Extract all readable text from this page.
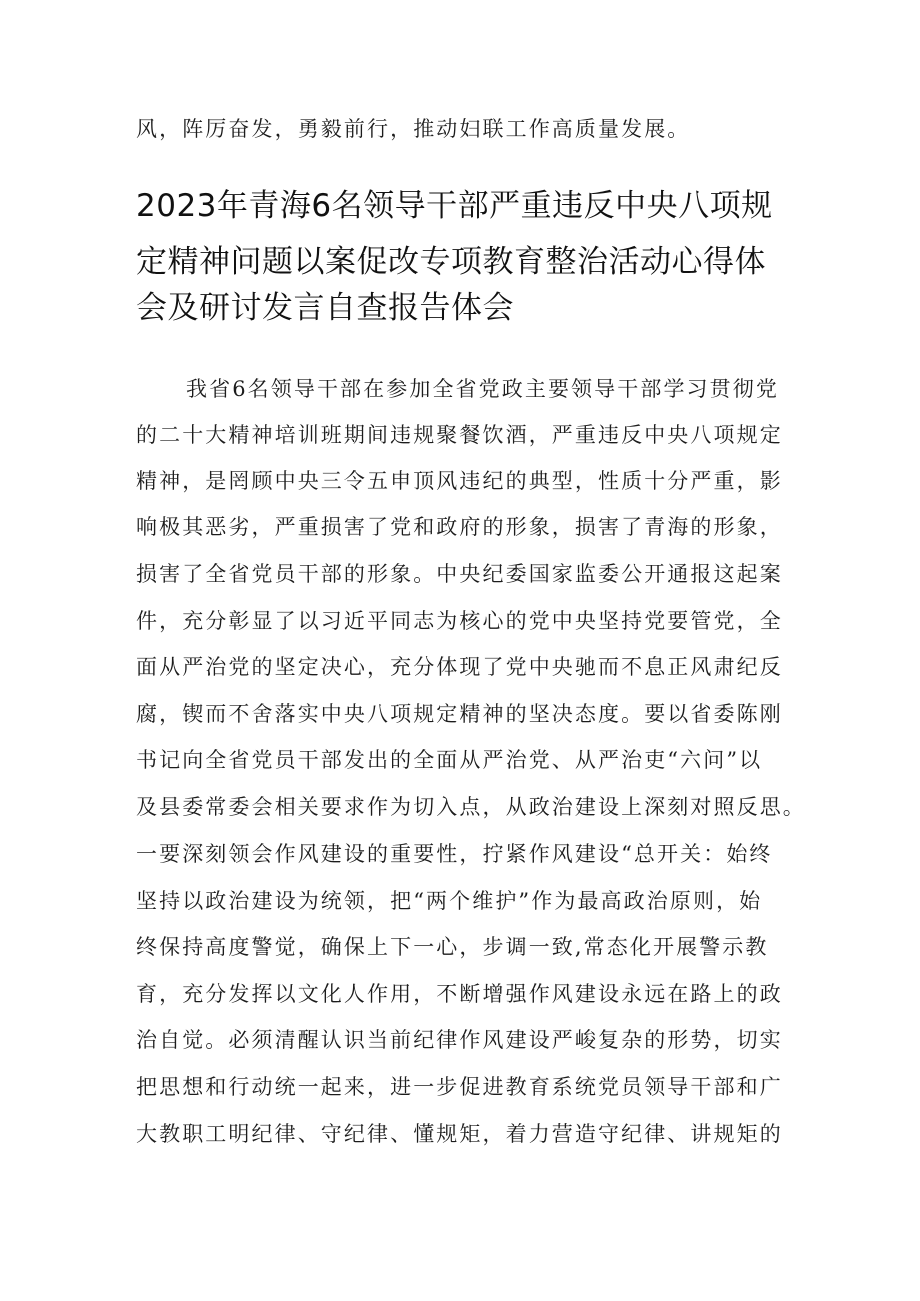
风，阵厉奋发，勇毅前行，推动妇联工作高质量发展。
2023年青海6名领导干部严重违反中央八项规
定精神问题以案促改专项教育整治活动心得体
会及研讨发言自查报告体会
我省6名领导干部在参加全省党政主要领导干部学习贯彻党
的二十大精神培训班期间违规聚餐饮酒，严重违反中央八项规定
精神，是罔顾中央三令五申顶风违纪的典型，性质十分严重，影
响极其恶劣，严重损害了党和政府的形象，损害了青海的形象，
损害了全省党员干部的形象。中央纪委国家监委公开通报这起案
件，充分彰显了以习近平同志为核心的党中央坚持党要管党，全
面从严治党的坚定决心，充分体现了党中央驰而不息正风肃纪反
腐，锲而不舍落实中央八项规定精神的坚决态度。要以省委陈刚
书记向全省党员干部发出的全面从严治党、从严治吏“六问”以
及县委常委会相关要求作为切入点，从政治建设上深刻对照反思。
一要深刻领会作风建设的重要性，拧紧作风建设“总开关：始终
坚持以政治建设为统领，把“两个维护”作为最高政治原则，始
终保持高度警觉，确保上下一心，步调一致,常态化开展警示教
育，充分发挥以文化人作用，不断增强作风建设永远在路上的政
治自觉。必须清醒认识当前纪律作风建设严峻复杂的形势，切实
把思想和行动统一起来，进一步促进教育系统党员领导干部和广
大教职工明纪律、守纪律、懂规矩，着力营造守纪律、讲规矩的
